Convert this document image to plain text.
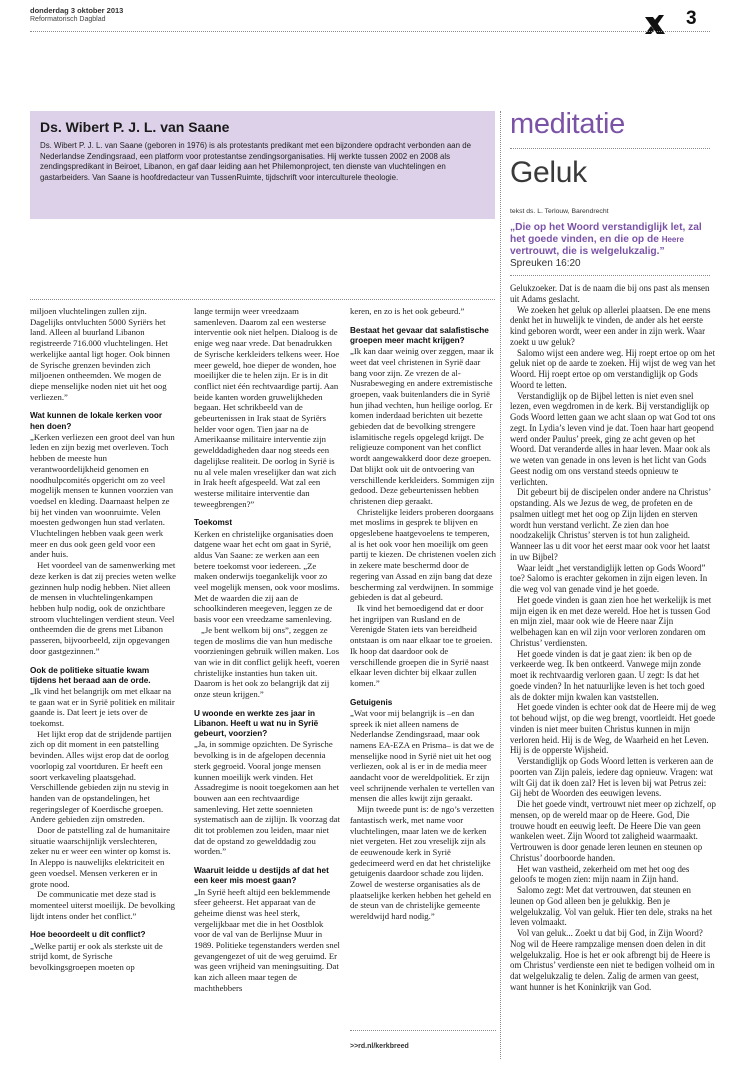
donderdag 3 oktober 2013
Reformatorisch Dagblad	3
Ds. Wibert P. J. L. van Saane

Ds. Wibert P. J. L. van Saane (geboren in 1976) is als protestants predikant met een bijzondere opdracht verbonden aan de Nederlandse Zendingsraad, een platform voor protestantse zendingsorganisaties. Hij werkte tussen 2002 en 2008 als zendingspredikant in Beiroet, Libanon, en gaf daar leiding aan het Philemonproject, ten dienste van vluchtelingen en gastarbeiders. Van Saane is hoofdredacteur van TussenRuimte, tijdschrift voor interculturele theologie.

miljoen vluchtelingen zullen zijn. Dagelijks ontvluchten 5000 Syriërs het land. Alleen al buurland Libanon registreerde 716.000 vluchtelingen. Het werkelijke aantal ligt hoger. Ook binnen de Syrische grenzen bevinden zich miljoenen ontheemden. We mogen de diepe menselijke noden niet uit het oog verliezen.”

Wat kunnen de lokale kerken voor hen doen?

„Kerken verliezen een groot deel van hun leden en zijn bezig met overleven. Toch hebben de meeste hun verantwoordelijkheid genomen en noodhulpcomités opgericht om zo veel mogelijk mensen te kunnen voorzien van voedsel en kleding. Daarnaast helpen ze bij het vinden van woonruimte. Velen moesten gedwongen hun stad verlaten. Vluchtelingen hebben vaak geen werk meer en dus ook geen geld voor een ander huis.

Het voordeel van de samenwerking met deze kerken is dat zij precies weten welke gezinnen hulp nodig hebben. Niet alleen de mensen in vluchtelingenkampen hebben hulp nodig, ook de onzichtbare stroom vluchtelingen verdient steun. Veel ontheemden die de grens met Libanon passeren, bijvoorbeeld, zijn opgevangen door gastgezinnen.”

Ook de politieke situatie kwam tijdens het beraad aan de orde.

„Ik vind het belangrijk om met elkaar na te gaan wat er in Syrië politiek en militair gaande is. Dat leert je iets over de toekomst.

Het lijkt erop dat de strijdende partijen zich op dit moment in een patstelling bevinden. Alles wijst erop dat de oorlog voorlopig zal voortduren. Er heeft een soort verkaveling plaatsgehad. Verschillende gebieden zijn nu stevig in handen van de opstandelingen, het regeringsleger of Koerdische groepen. Andere gebieden zijn omstreden.

Door de patstelling zal de humanitaire situatie waarschijnlijk verslechteren, zeker nu er weer een winter op komst is. In Aleppo is nauwelijks elektriciteit en geen voedsel. Mensen verkeren er in grote nood.

De communicatie met deze stad is momenteel uiterst moeilijk. De bevolking lijdt intens onder het conflict.”

Hoe beoordeelt u dit conflict?

„Welke partij er ook als sterkste uit de strijd komt, de Syrische bevolkingsgroepen moeten op

lange termijn weer vreedzaam samenleven. Daarom zal een westerse interventie ook niet helpen. Dialoog is de enige weg naar vrede. Dat benadrukken de Syrische kerkleiders telkens weer. Hoe meer geweld, hoe dieper de wonden, hoe moeilijker die te helen zijn. Er is in dit conflict niet één rechtvaardige partij. Aan beide kanten worden gruwelijkheden begaan. Het schrikbeeld van de gebeurtenissen in Irak staat de Syriërs helder voor ogen. Tien jaar na de Amerikaanse militaire interventie zijn gewelddadigheden daar nog steeds een dagelijkse realiteit. De oorlog in Syrië is nu al vele malen vreselijker dan wat zich in Irak heeft afgespeeld. Wat zal een westerse militaire interventie dan teweegbrengen?”

Toekomst

Kerken en christelijke organisaties doen datgene waar het echt om gaat in Syrië, aldus Van Saane: ze werken aan een betere toekomst voor iedereen. „Ze maken onderwijs toegankelijk voor zo veel mogelijk mensen, ook voor moslims. Met de waarden die zij aan de schoolkinderen meegeven, leggen ze de basis voor een vreedzame samenleving.

„Je bent welkom bij ons”, zeggen ze tegen de moslims die van hun medische voorzieningen gebruik willen maken. Los van wie in dit conflict gelijk heeft, voeren christelijke instanties hun taken uit. Daarom is het ook zo belangrijk dat zij onze steun krijgen.”

U woonde en werkte zes jaar in Libanon. Heeft u wat nu in Syrië gebeurt, voorzien?

„Ja, in sommige opzichten. De Syrische bevolking is in de afgelopen decennia sterk gegroeid. Vooral jonge mensen kunnen moeilijk werk vinden. Het Assadregime is nooit toegekomen aan het bouwen aan een rechtvaardige samenleving. Het zette soennieten systematisch aan de zijlijn. Ik voorzag dat dit tot problemen zou leiden, maar niet dat de opstand zo gewelddadig zou worden.”

Waaruit leidde u destijds af dat het een keer mis moest gaan?

„In Syrië heeft altijd een beklemmende sfeer geheerst. Het apparaat van de geheime dienst was heel sterk, vergelijkbaar met die in het Oostblok voor de val van de Berlijnse Muur in 1989. Politieke tegenstanders werden snel gevangengezet of uit de weg geruimd. Er was geen vrijheid van meningsuiting. Dat kan zich alleen maar tegen de machthebbers

keren, en zo is het ook gebeurd.”

Bestaat het gevaar dat salafistische groepen meer macht krijgen?

„Ik kan daar weinig over zeggen, maar ik weet dat veel christenen in Syrië daar bang voor zijn. Ze vrezen de al-Nusrabeweging en andere extremistische groepen, vaak buitenlanders die in Syrië hun jihad vechten, hun heilige oorlog. Er komen inderdaad berichten uit bezette gebieden dat de bevolking strengere islamitische regels opgelegd krijgt. De religieuze component van het conflict wordt aangewakkerd door deze groepen. Dat blijkt ook uit de ontvoering van verschillende kerkleiders. Sommigen zijn gedood. Deze gebeurtenissen hebben christenen diep geraakt.

Christelijke leiders proberen doorgaans met moslims in gesprek te blijven en opgeslebene haatgevoelens te temperen, al is het ook voor hen moeilijk om geen partij te kiezen. De christenen voelen zich in zekere mate beschermd door de regering van Assad en zijn bang dat deze bescherming zal verdwijnen. In sommige gebieden is dat al gebeurd.

Ik vind het bemoedigend dat er door het ingrijpen van Rusland en de Verenigde Staten iets van bereidheid ontstaan is om naar elkaar toe te groeien. Ik hoop dat daardoor ook de verschillende groepen die in Syrië naast elkaar leven dichter bij elkaar zullen komen.”

Getuigenis

„Wat voor mij belangrijk is –en dan spreek ik niet alleen namens de Nederlandse Zendingsraad, maar ook namens EA-EZA en Prisma– is dat we de menselijke nood in Syrië niet uit het oog verliezen, ook al is er in de media meer aandacht voor de wereldpolitiek. Er zijn veel schrijnende verhalen te vertellen van mensen die alles kwijt zijn geraakt.

Mijn tweede punt is: de ngo’s verzetten fantastisch werk, met name voor vluchtelingen, maar laten we de kerken niet vergeten. Het zou vreselijk zijn als de eeuwenoude kerk in Syrië gedecimeerd werd en dat het christelijke getuigenis daardoor schade zou lijden. Zowel de westerse organisaties als de plaatselijke kerken hebben het geheld en de steun van de christelijke gemeente wereldwijd hard nodig.”

>>rd.nl/kerkbreed
meditatie
Geluk
tekst ds. L. Terlouw, Barendrecht
„Die op het Woord verstandiglijk let, zal het goede vinden, en die op de Heere vertrouwt, die is welgelukzalig.”
Spreuken 16:20

Gelukzoeker. Dat is de naam die bij ons past als mensen uit Adams geslacht.

We zoeken het geluk op allerlei plaatsen. De ene mens denkt het in huwelijk te vinden, de ander als het eerste kind geboren wordt, weer een ander in zijn werk. Waar zoekt u uw geluk?

Salomo wijst een andere weg. Hij roept ertoe op om het geluk niet op de aarde te zoeken. Hij wijst de weg van het Woord. Hij roept ertoe op om verstandiglijk op Gods Woord te letten.

Verstandiglijk op de Bijbel letten is niet even snel lezen, even wegdromen in de kerk. Bij verstandiglijk op Gods Woord letten gaan we acht slaan op wat God tot ons zegt. In Lydia’s leven vind je dat. Toen haar hart geopend werd onder Paulus’ preek, ging ze acht geven op het Woord. Dat veranderde alles in haar leven. Maar ook als we weten van genade in ons leven is het licht van Gods Geest nodig om ons verstand steeds opnieuw te verlichten.

Dit gebeurt bij de discipelen onder andere na Christus’ opstanding. Als we Jezus de weg, de profeten en de psalmen uitlegt met het oog op Zijn lijden en sterven wordt hun verstand verlicht. Ze zien dan hoe noodzakelijk Christus’ sterven is tot hun zaligheid. Wanneer las u dit voor het eerst maar ook voor het laatst in uw Bijbel?

Waar leidt „het verstandiglijk letten op Gods Woord” toe? Salomo is erachter gekomen in zijn eigen leven. In die weg vol van genade vind je het goede.

Het goede vinden is gaan zien hoe het werkelijk is met mijn eigen ik en met deze wereld. Hoe het is tussen God en mijn ziel, maar ook wie de Heere naar Zijn welbehagen kan en wil zijn voor verloren zondaren om Christus’ verdiensten.

Het goede vinden is dat je gaat zien: ik ben op de verkeerde weg. Ik ben ontkeerd. Vanwege mijn zonde moet ik rechtvaardig verloren gaan. U zegt: Is dat het goede vinden? In het natuurlijke leven is het toch goed als de dokter mijn kwalen kan vaststellen.

Het goede vinden is echter ook dat de Heere mij de weg tot behoud wijst, op die weg brengt, voortleidt. Het goede vinden is niet meer buiten Christus kunnen in mijn verloren heid. Hij is de Weg, de Waarheid en het Leven. Hij is de opperste Wijsheid.

Verstandiglijk op Gods Woord letten is verkeren aan de poorten van Zijn paleis, iedere dag opnieuw. Vragen: wat wilt Gij dat ik doen zal? Het is leven bij wat Petrus zei: Gij hebt de Woorden des eeuwigen levens.

Die het goede vindt, vertrouwt niet meer op zichzelf, op mensen, op de wereld maar op de Heere. God, Die trouwe houdt en eeuwig leeft. De Heere Die van geen wankelen weet. Zijn Woord tot zaligheid waarmaakt. Vertrouwen is door genade leren leunen en steunen op Christus’ doorboorde handen.

Het wan vastheid, zekerheid om met het oog des geloofs te mogen zien: mijn naam in Zijn hand.

Salomo zegt: Met dat vertrouwen, dat steunen en leunen op God alleen ben je gelukkig. Ben je welgelukzalig. Vol van geluk. Hier ten dele, straks na het leven volmaakt.

Vol van geluk... Zoekt u dat bij God, in Zijn Woord? Nog wil de Heere rampzalige mensen doen delen in dit welgelukzalig. Hoe is het er ook afbrengt bij de Heere is om Christus’ verdienste een niet te bedigen volheid om in dat welgelukzalig te delen. Zalig de armen van geest, want hunner is het Koninkrijk van God.
